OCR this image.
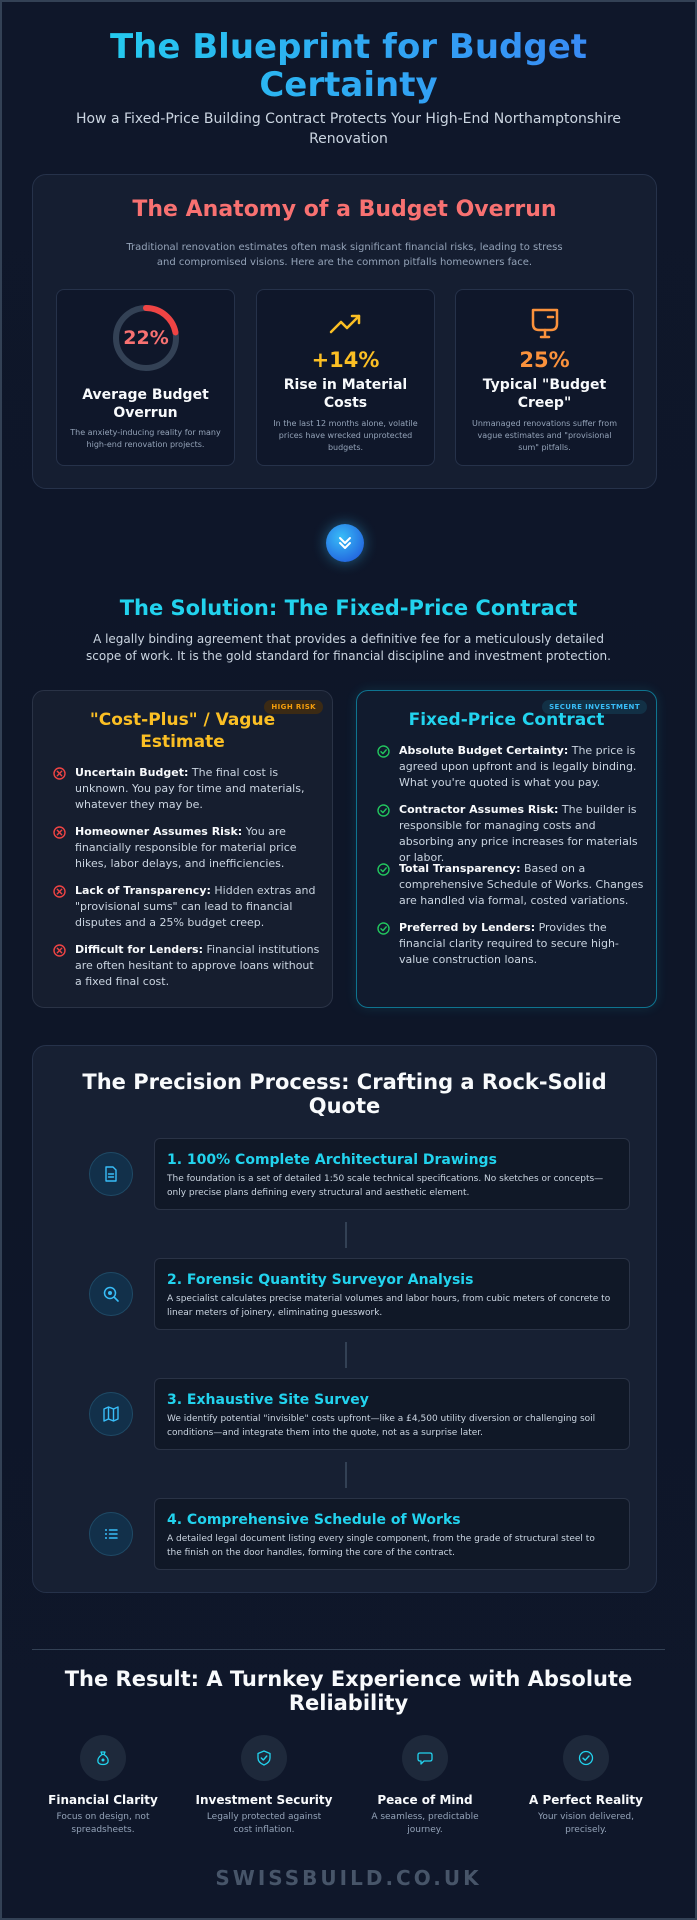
The Blueprint for Budget Certainty
How a Fixed-Price Building Contract Protects Your High-End Northamptonshire Renovation
The Anatomy of a Budget Overrun
Traditional renovation estimates often mask significant financial risks, leading to stress and compromised visions. Here are the common pitfalls homeowners face.
22%
Average Budget Overrun
The anxiety-inducing reality for many high-end renovation projects.
+14%
Rise in Material Costs
In the last 12 months alone, volatile prices have wrecked unprotected budgets.
25%
Typical "Budget Creep"
Unmanaged renovations suffer from vague estimates and "provisional sum" pitfalls.
The Solution: The Fixed-Price Contract
A legally binding agreement that provides a definitive fee for a meticulously detailed scope of work. It is the gold standard for financial discipline and investment protection.
HIGH RISK
"Cost-Plus" / Vague Estimate
Uncertain Budget: The final cost is unknown. You pay for time and materials, whatever they may be.
Homeowner Assumes Risk: You are financially responsible for material price hikes, labor delays, and inefficiencies.
Lack of Transparency: Hidden extras and "provisional sums" can lead to financial disputes and a 25% budget creep.
Difficult for Lenders: Financial institutions are often hesitant to approve loans without a fixed final cost.
SECURE INVESTMENT
Fixed-Price Contract
Absolute Budget Certainty: The price is agreed upon upfront and is legally binding. What you're quoted is what you pay.
Contractor Assumes Risk: The builder is responsible for managing costs and absorbing any price increases for materials or labor.
Total Transparency: Based on a comprehensive Schedule of Works. Changes are handled via formal, costed variations.
Preferred by Lenders: Provides the financial clarity required to secure high-value construction loans.
The Precision Process: Crafting a Rock-Solid Quote
1. 100% Complete Architectural Drawings
The foundation is a set of detailed 1:50 scale technical specifications. No sketches or concepts—only precise plans defining every structural and aesthetic element.
2. Forensic Quantity Surveyor Analysis
A specialist calculates precise material volumes and labor hours, from cubic meters of concrete to linear meters of joinery, eliminating guesswork.
3. Exhaustive Site Survey
We identify potential "invisible" costs upfront—like a £4,500 utility diversion or challenging soil conditions—and integrate them into the quote, not as a surprise later.
4. Comprehensive Schedule of Works
A detailed legal document listing every single component, from the grade of structural steel to the finish on the door handles, forming the core of the contract.
The Result: A Turnkey Experience with Absolute Reliability
Financial Clarity
Focus on design, not spreadsheets.
Investment Security
Legally protected against cost inflation.
Peace of Mind
A seamless, predictable journey.
A Perfect Reality
Your vision delivered, precisely.
SWISSBUILD.CO.UK
